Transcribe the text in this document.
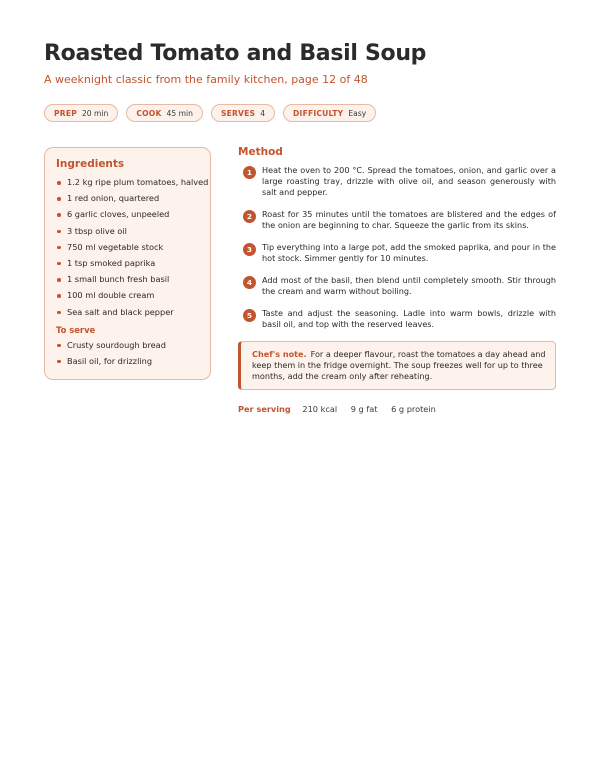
Roasted Tomato and Basil Soup
A weeknight classic from the family kitchen, page 12 of 48
PREP 20 min	COOK 45 min	SERVES 4	DIFFICULTY Easy
Ingredients
1.2 kg ripe plum tomatoes, halved
1 red onion, quartered
6 garlic cloves, unpeeled
3 tbsp olive oil
750 ml vegetable stock
1 tsp smoked paprika
1 small bunch fresh basil
100 ml double cream
Sea salt and black pepper
To serve
Crusty sourdough bread
Basil oil, for drizzling
Method
1	Heat the oven to 200 °C. Spread the tomatoes, onion, and garlic over a large roasting tray, drizzle with olive oil, and season generously with salt and pepper.

2	Roast for 35 minutes until the tomatoes are blistered and the edges of the onion are beginning to char. Squeeze the garlic from its skins.

3	Tip everything into a large pot, add the smoked paprika, and pour in the hot stock. Simmer gently for 10 minutes.

4	Add most of the basil, then blend until completely smooth. Stir through the cream and warm without boiling.

5	Taste and adjust the seasoning. Ladle into warm bowls, drizzle with basil oil, and top with the reserved leaves.

Chef's note. For a deeper flavour, roast the tomatoes a day ahead and keep them in the fridge overnight. The soup freezes well for up to three months, add the cream only after reheating.
Per serving 210 kcal 9 g fat 6 g protein
